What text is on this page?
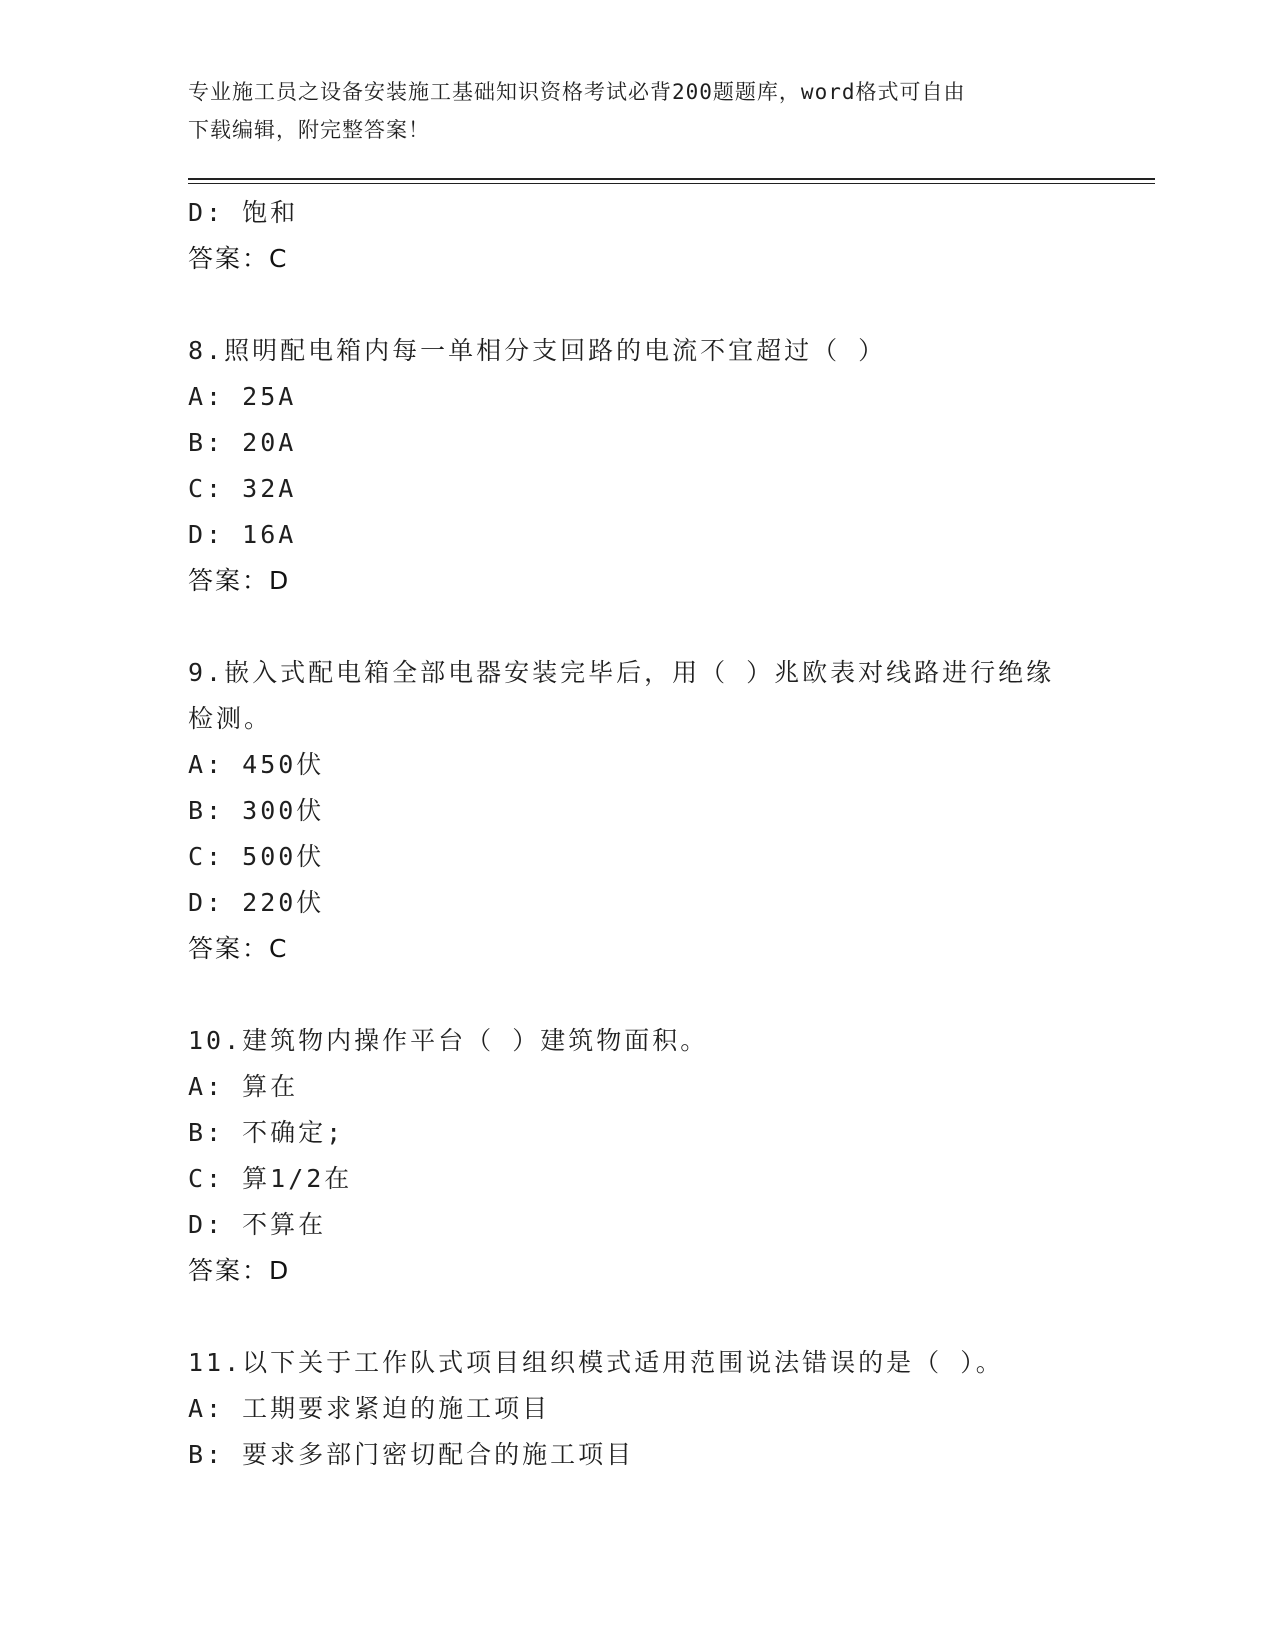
专业施工员之设备安装施工基础知识资格考试必背200题题库，word格式可自由
下载编辑，附完整答案！
D: 饱和
答案：C
8.照明配电箱内每一单相分支回路的电流不宜超过（ ）
A: 25A
B: 20A
C: 32A
D: 16A
答案：D
9.嵌入式配电箱全部电器安装完毕后，用（ ）兆欧表对线路进行绝缘
检测。
A: 450伏
B: 300伏
C: 500伏
D: 220伏
答案：C
10.建筑物内操作平台（ ）建筑物面积。
A: 算在
B: 不确定;
C: 算1/2在
D: 不算在
答案：D
11.以下关于工作队式项目组织模式适用范围说法错误的是（ ）。
A: 工期要求紧迫的施工项目
B: 要求多部门密切配合的施工项目
